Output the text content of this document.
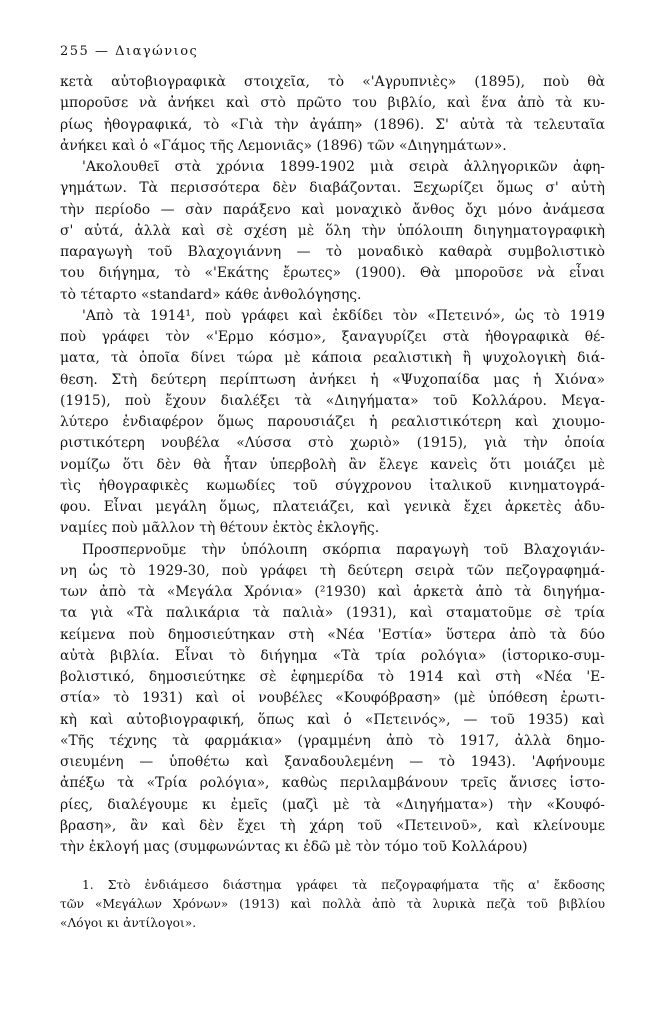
255 — Διαγώνιος
κετὰ αὐτοβιογραφικὰ στοιχεῖα, τὸ «'Αγρυπνιὲς» (1895), ποὺ θὰ
μποροῦσε νὰ ἀνήκει καὶ στὸ πρῶτο του βιβλίο, καὶ ἕνα ἀπὸ τὰ κυ-
ρίως ἠθογραφικά, τὸ «Γιὰ τὴν ἀγάπη» (1896). Σ' αὐτὰ τὰ τελευταῖα
ἀνήκει καὶ ὁ «Γάμος τῆς Λεμονιᾶς» (1896) τῶν «Διηγημάτων».
'Ακολουθεῖ στὰ χρόνια 1899-1902 μιὰ σειρὰ ἀλληγορικῶν ἀφη-
γημάτων. Τὰ περισσότερα δὲν διαβάζονται. Ξεχωρίζει ὅμως σ' αὐτὴ
τὴν περίοδο — σὰν παράξενο καὶ μοναχικὸ ἄνθος ὄχι μόνο ἀνάμεσα
σ' αὐτά, ἀλλὰ καὶ σὲ σχέση μὲ ὅλη τὴν ὑπόλοιπη διηγηματογραφικὴ
παραγωγὴ τοῦ Βλαχογιάννη — τὸ μοναδικὸ καθαρὰ συμβολιστικὸ
του διήγημα, τὸ «'Εκάτης ἔρωτες» (1900). Θὰ μποροῦσε νὰ εἶναι
τὸ τέταρτο «standard» κάθε ἀνθολόγησης.
'Απὸ τὰ 1914¹, ποὺ γράφει καὶ ἐκδίδει τὸν «Πετεινό», ὡς τὸ 1919
ποὺ γράφει τὸν «'Ερμο κόσμο», ξαναγυρίζει στὰ ἠθογραφικὰ θέ-
ματα, τὰ ὁποῖα δίνει τώρα μὲ κάποια ρεαλιστικὴ ἢ ψυχολογικὴ διά-
θεση. Στὴ δεύτερη περίπτωση ἀνήκει ἡ «Ψυχοπαίδα μας ἡ Χιόνα»
(1915), ποὺ ἔχουν διαλέξει τὰ «Διηγήματα» τοῦ Κολλάρου. Μεγα-
λύτερο ἐνδιαφέρον ὅμως παρουσιάζει ἡ ρεαλιστικότερη καὶ χιουμο-
ριστικότερη νουβέλα «Λύσσα στὸ χωριὸ» (1915), γιὰ τὴν ὁποία
νομίζω ὅτι δὲν θὰ ἦταν ὑπερβολὴ ἂν ἔλεγε κανεὶς ὅτι μοιάζει μὲ
τὶς ἠθογραφικὲς κωμωδίες τοῦ σύγχρονου ἰταλικοῦ κινηματογρά-
φου. Εἶναι μεγάλη ὅμως, πλατειάζει, καὶ γενικὰ ἔχει ἀρκετὲς ἀδυ-
ναμίες ποὺ μᾶλλον τὴ θέτουν ἐκτὸς ἐκλογῆς.
Προσπερνοῦμε τὴν ὑπόλοιπη σκόρπια παραγωγὴ τοῦ Βλαχογιάν-
νη ὡς τὸ 1929-30, ποὺ γράφει τὴ δεύτερη σειρὰ τῶν πεζογραφημά-
των ἀπὸ τὰ «Μεγάλα Χρόνια» (²1930) καὶ ἀρκετὰ ἀπὸ τὰ διηγήμα-
τα γιὰ «Τὰ παλικάρια τὰ παλιὰ» (1931), καὶ σταματοῦμε σὲ τρία
κείμενα ποὺ δημοσιεύτηκαν στὴ «Νέα 'Εστία» ὕστερα ἀπὸ τὰ δύο
αὐτὰ βιβλία. Εἶναι τὸ διήγημα «Τὰ τρία ρολόγια» (ἱστορικο-συμ-
βολιστικό, δημοσιεύτηκε σὲ ἐφημερίδα τὸ 1914 καὶ στὴ «Νέα 'Ε-
στία» τὸ 1931) καὶ οἱ νουβέλες «Κουφόβραση» (μὲ ὑπόθεση ἐρωτι-
κὴ καὶ αὐτοβιογραφική, ὅπως καὶ ὁ «Πετεινός», — τοῦ 1935) καὶ
«Τῆς τέχνης τὰ φαρμάκια» (γραμμένη ἀπὸ τὸ 1917, ἀλλὰ δημο-
σιευμένη — ὑποθέτω καὶ ξαναδουλεμένη — τὸ 1943). 'Αφήνουμε
ἀπέξω τὰ «Τρία ρολόγια», καθὼς περιλαμβάνουν τρεῖς ἄνισες ἱστο-
ρίες, διαλέγουμε κι ἐμεῖς (μαζὶ μὲ τὰ «Διηγήματα») τὴν «Κουφό-
βραση», ἂν καὶ δὲν ἔχει τὴ χάρη τοῦ «Πετεινοῦ», καὶ κλείνουμε
τὴν ἐκλογή μας (συμφωνώντας κι ἐδῶ μὲ τὸν τόμο τοῦ Κολλάρου)
1. Στὸ ἐνδιάμεσο διάστημα γράφει τὰ πεζογραφήματα τῆς α' ἔκδοσης
τῶν «Μεγάλων Χρόνων» (1913) καὶ πολλὰ ἀπὸ τὰ λυρικὰ πεζὰ τοῦ βιβλίου
«Λόγοι κι ἀντίλογοι».
